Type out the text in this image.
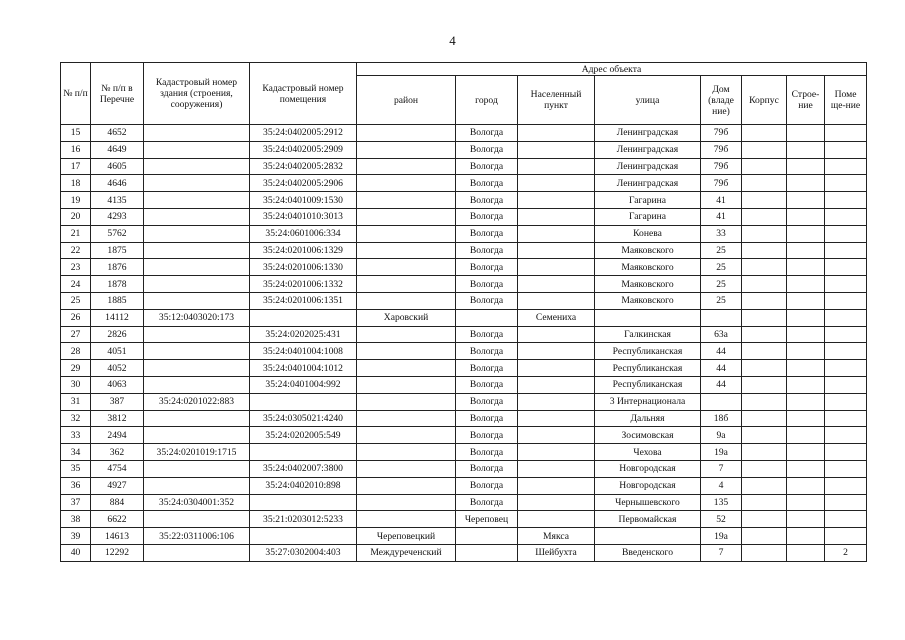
4
№ п/п	№ п/п в Перечне	Кадастровый номер здания (строения, сооружения)	Кадастровый номер помещения	Адрес объекта							
				район	город	Населенный пункт	улица	Дом (владе ние)	Корпус	Строе-ние	Поме ще-ние
15	4652		35:24:0402005:2912		Вологда		Ленинградская	79б			
16	4649		35:24:0402005:2909		Вологда		Ленинградская	79б			
17	4605		35:24:0402005:2832		Вологда		Ленинградская	79б			
18	4646		35:24:0402005:2906		Вологда		Ленинградская	79б			
19	4135		35:24:0401009:1530		Вологда		Гагарина	41			
20	4293		35:24:0401010:3013		Вологда		Гагарина	41			
21	5762		35:24:0601006:334		Вологда		Конева	33			
22	1875		35:24:0201006:1329		Вологда		Маяковского	25			
23	1876		35:24:0201006:1330		Вологда		Маяковского	25			
24	1878		35:24:0201006:1332		Вологда		Маяковского	25			
25	1885		35:24:0201006:1351		Вологда		Маяковского	25			
26	14112	35:12:0403020:173		Харовский		Семениха					
27	2826		35:24:0202025:431		Вологда		Галкинская	63а			
28	4051		35:24:0401004:1008		Вологда		Республиканская	44			
29	4052		35:24:0401004:1012		Вологда		Республиканская	44			
30	4063		35:24:0401004:992		Вологда		Республиканская	44			
31	387	35:24:0201022:883			Вологда		3 Интернационала				
32	3812		35:24:0305021:4240		Вологда		Дальняя	18б			
33	2494		35:24:0202005:549		Вологда		Зосимовская	9а			
34	362	35:24:0201019:1715			Вологда		Чехова	19а			
35	4754		35:24:0402007:3800		Вологда		Новгородская	7			
36	4927		35:24:0402010:898		Вологда		Новгородская	4			
37	884	35:24:0304001:352			Вологда		Чернышевского	135			
38	6622		35:21:0203012:5233		Череповец		Первомайская	52			
39	14613	35:22:0311006:106		Череповецкий		Мякса		19а			
40	12292		35:27:0302004:403	Междуреченский		Шейбухта	Введенского	7			2
